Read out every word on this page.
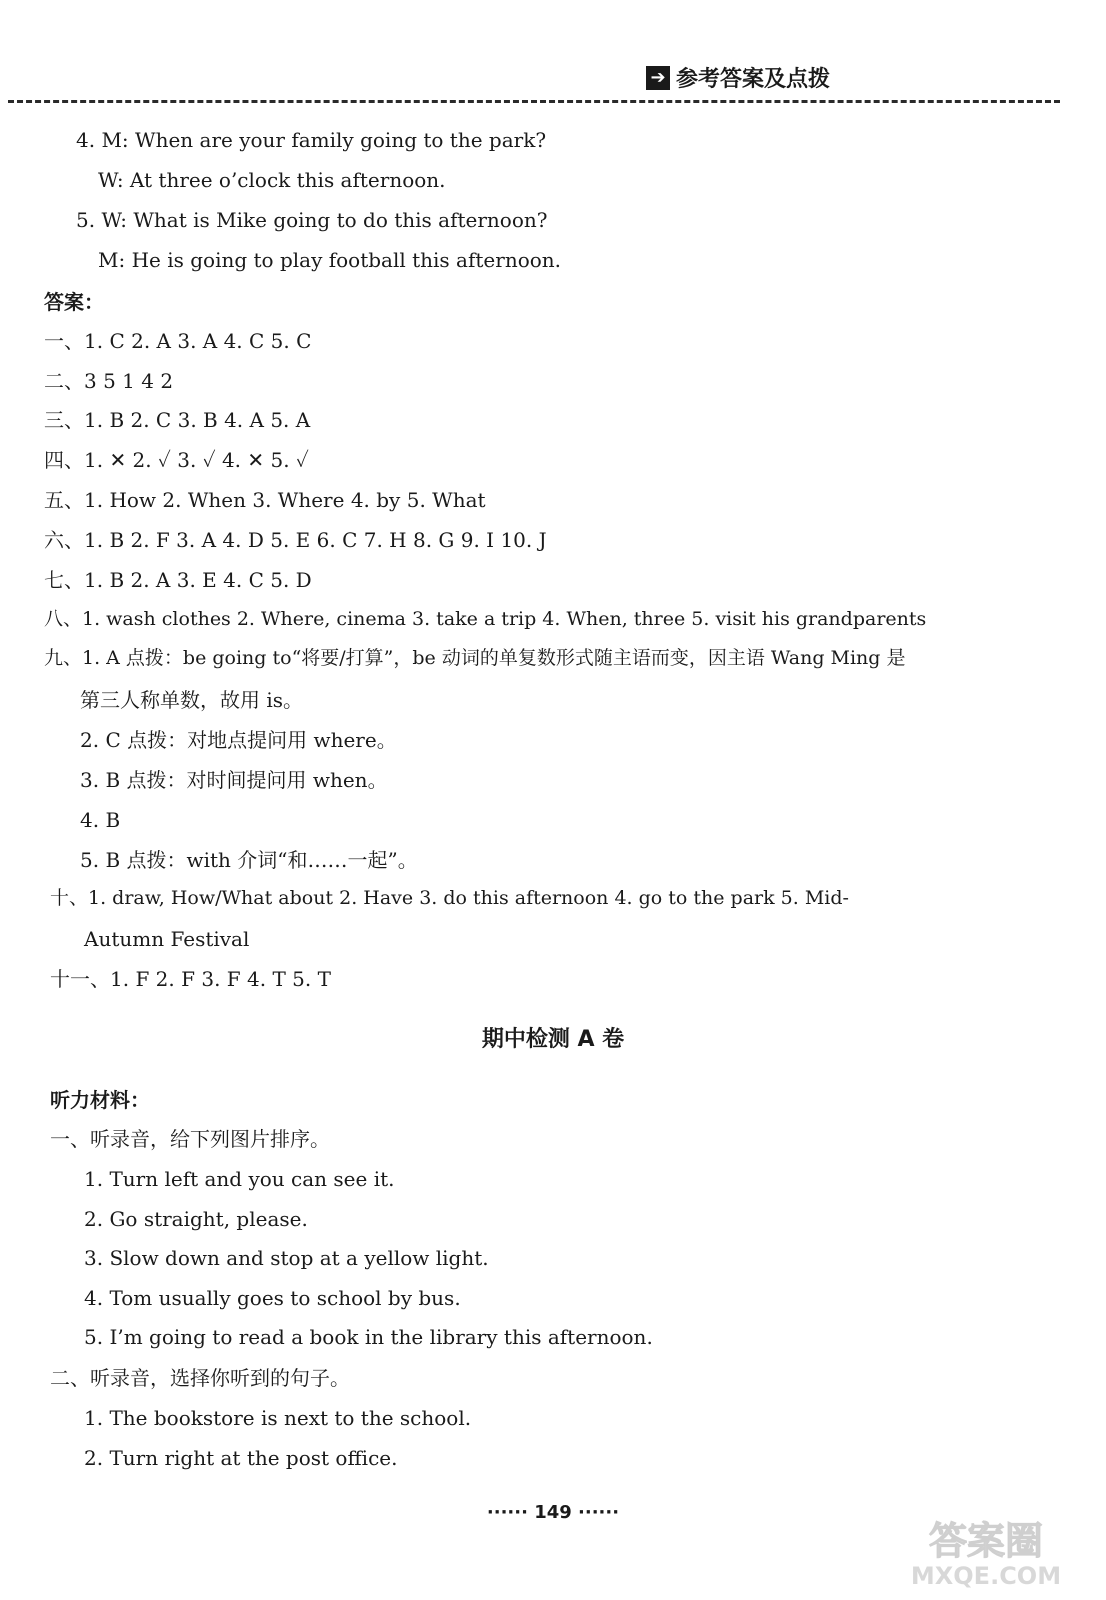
➔ 参考答案及点拨
4. M: When are your family going to the park?
W: At three o’clock this afternoon.
5. W: What is Mike going to do this afternoon?
M: He is going to play football this afternoon.
答案：
一、1. C 2. A 3. A 4. C 5. C
二、3 5 1 4 2
三、1. B 2. C 3. B 4. A 5. A
四、1. ✕ 2. ✓ 3. ✓ 4. ✕ 5. ✓
五、1. How 2. When 3. Where 4. by 5. What
六、1. B 2. F 3. A 4. D 5. E 6. C 7. H 8. G 9. I 10. J
七、1. B 2. A 3. E 4. C 5. D
八、1. wash clothes 2. Where, cinema 3. take a trip 4. When, three 5. visit his grandparents
九、1. A 点拨：be going to“将要/打算”，be 动词的单复数形式随主语而变，因主语 Wang Ming 是
第三人称单数，故用 is。
2. C 点拨：对地点提问用 where。
3. B 点拨：对时间提问用 when。
4. B
5. B 点拨：with 介词“和……一起”。
十、1. draw, How/What about 2. Have 3. do this afternoon 4. go to the park 5. Mid-
Autumn Festival
十一、1. F 2. F 3. F 4. T 5. T
期中检测 A 卷
听力材料：
一、听录音，给下列图片排序。
1. Turn left and you can see it.
2. Go straight, please.
3. Slow down and stop at a yellow light.
4. Tom usually goes to school by bus.
5. I’m going to read a book in the library this afternoon.
二、听录音，选择你听到的句子。
1. The bookstore is next to the school.
2. Turn right at the post office.
······ 149 ······
答案圈
MXQE.COM
